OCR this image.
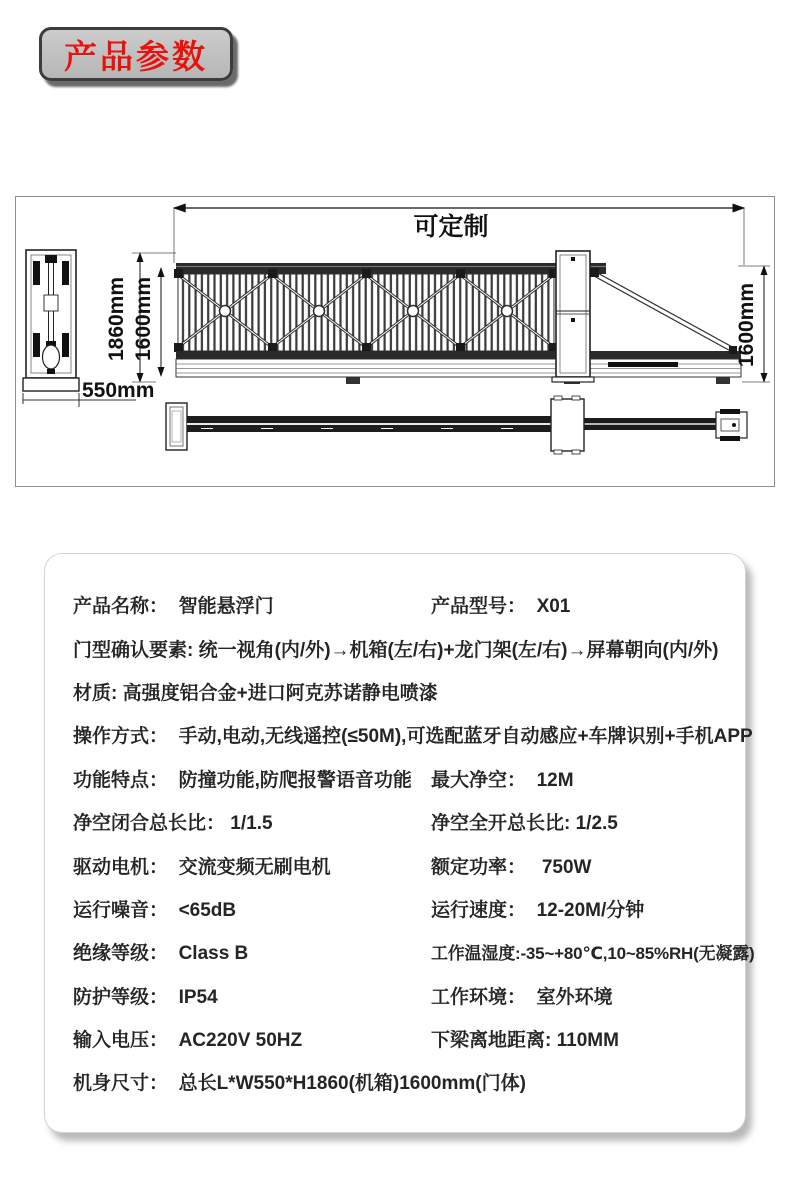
产品参数
550mm
可定制
1860mm 1600mm	1600mm
产品名称： 智能悬浮门	产品型号： X01
门型确认要素: 统一视角(内/外)→机箱(左/右)+龙门架(左/右)→屏幕朝向(内/外)
材质: 高强度铝合金+进口阿克苏诺静电喷漆
操作方式： 手动,电动,无线遥控(≤50M),可选配蓝牙自动感应+车牌识别+手机APP
功能特点： 防撞功能,防爬报警语音功能 最大净空： 12M
净空闭合总长比： 1/1.5	净空全开总长比: 1/2.5
驱动电机： 交流变频无刷电机	额定功率： 750W
运行噪音： <65dB	运行速度： 12-20M/分钟
绝缘等级： Class B	工作温湿度: -35~+80℃,10~85%RH(无凝露)
防护等级： IP54	工作环境： 室外环境
输入电压： AC220V 50HZ	下梁离地距离: 110MM
机身尺寸： 总长L*W550*H1860(机箱)1600mm(门体)
